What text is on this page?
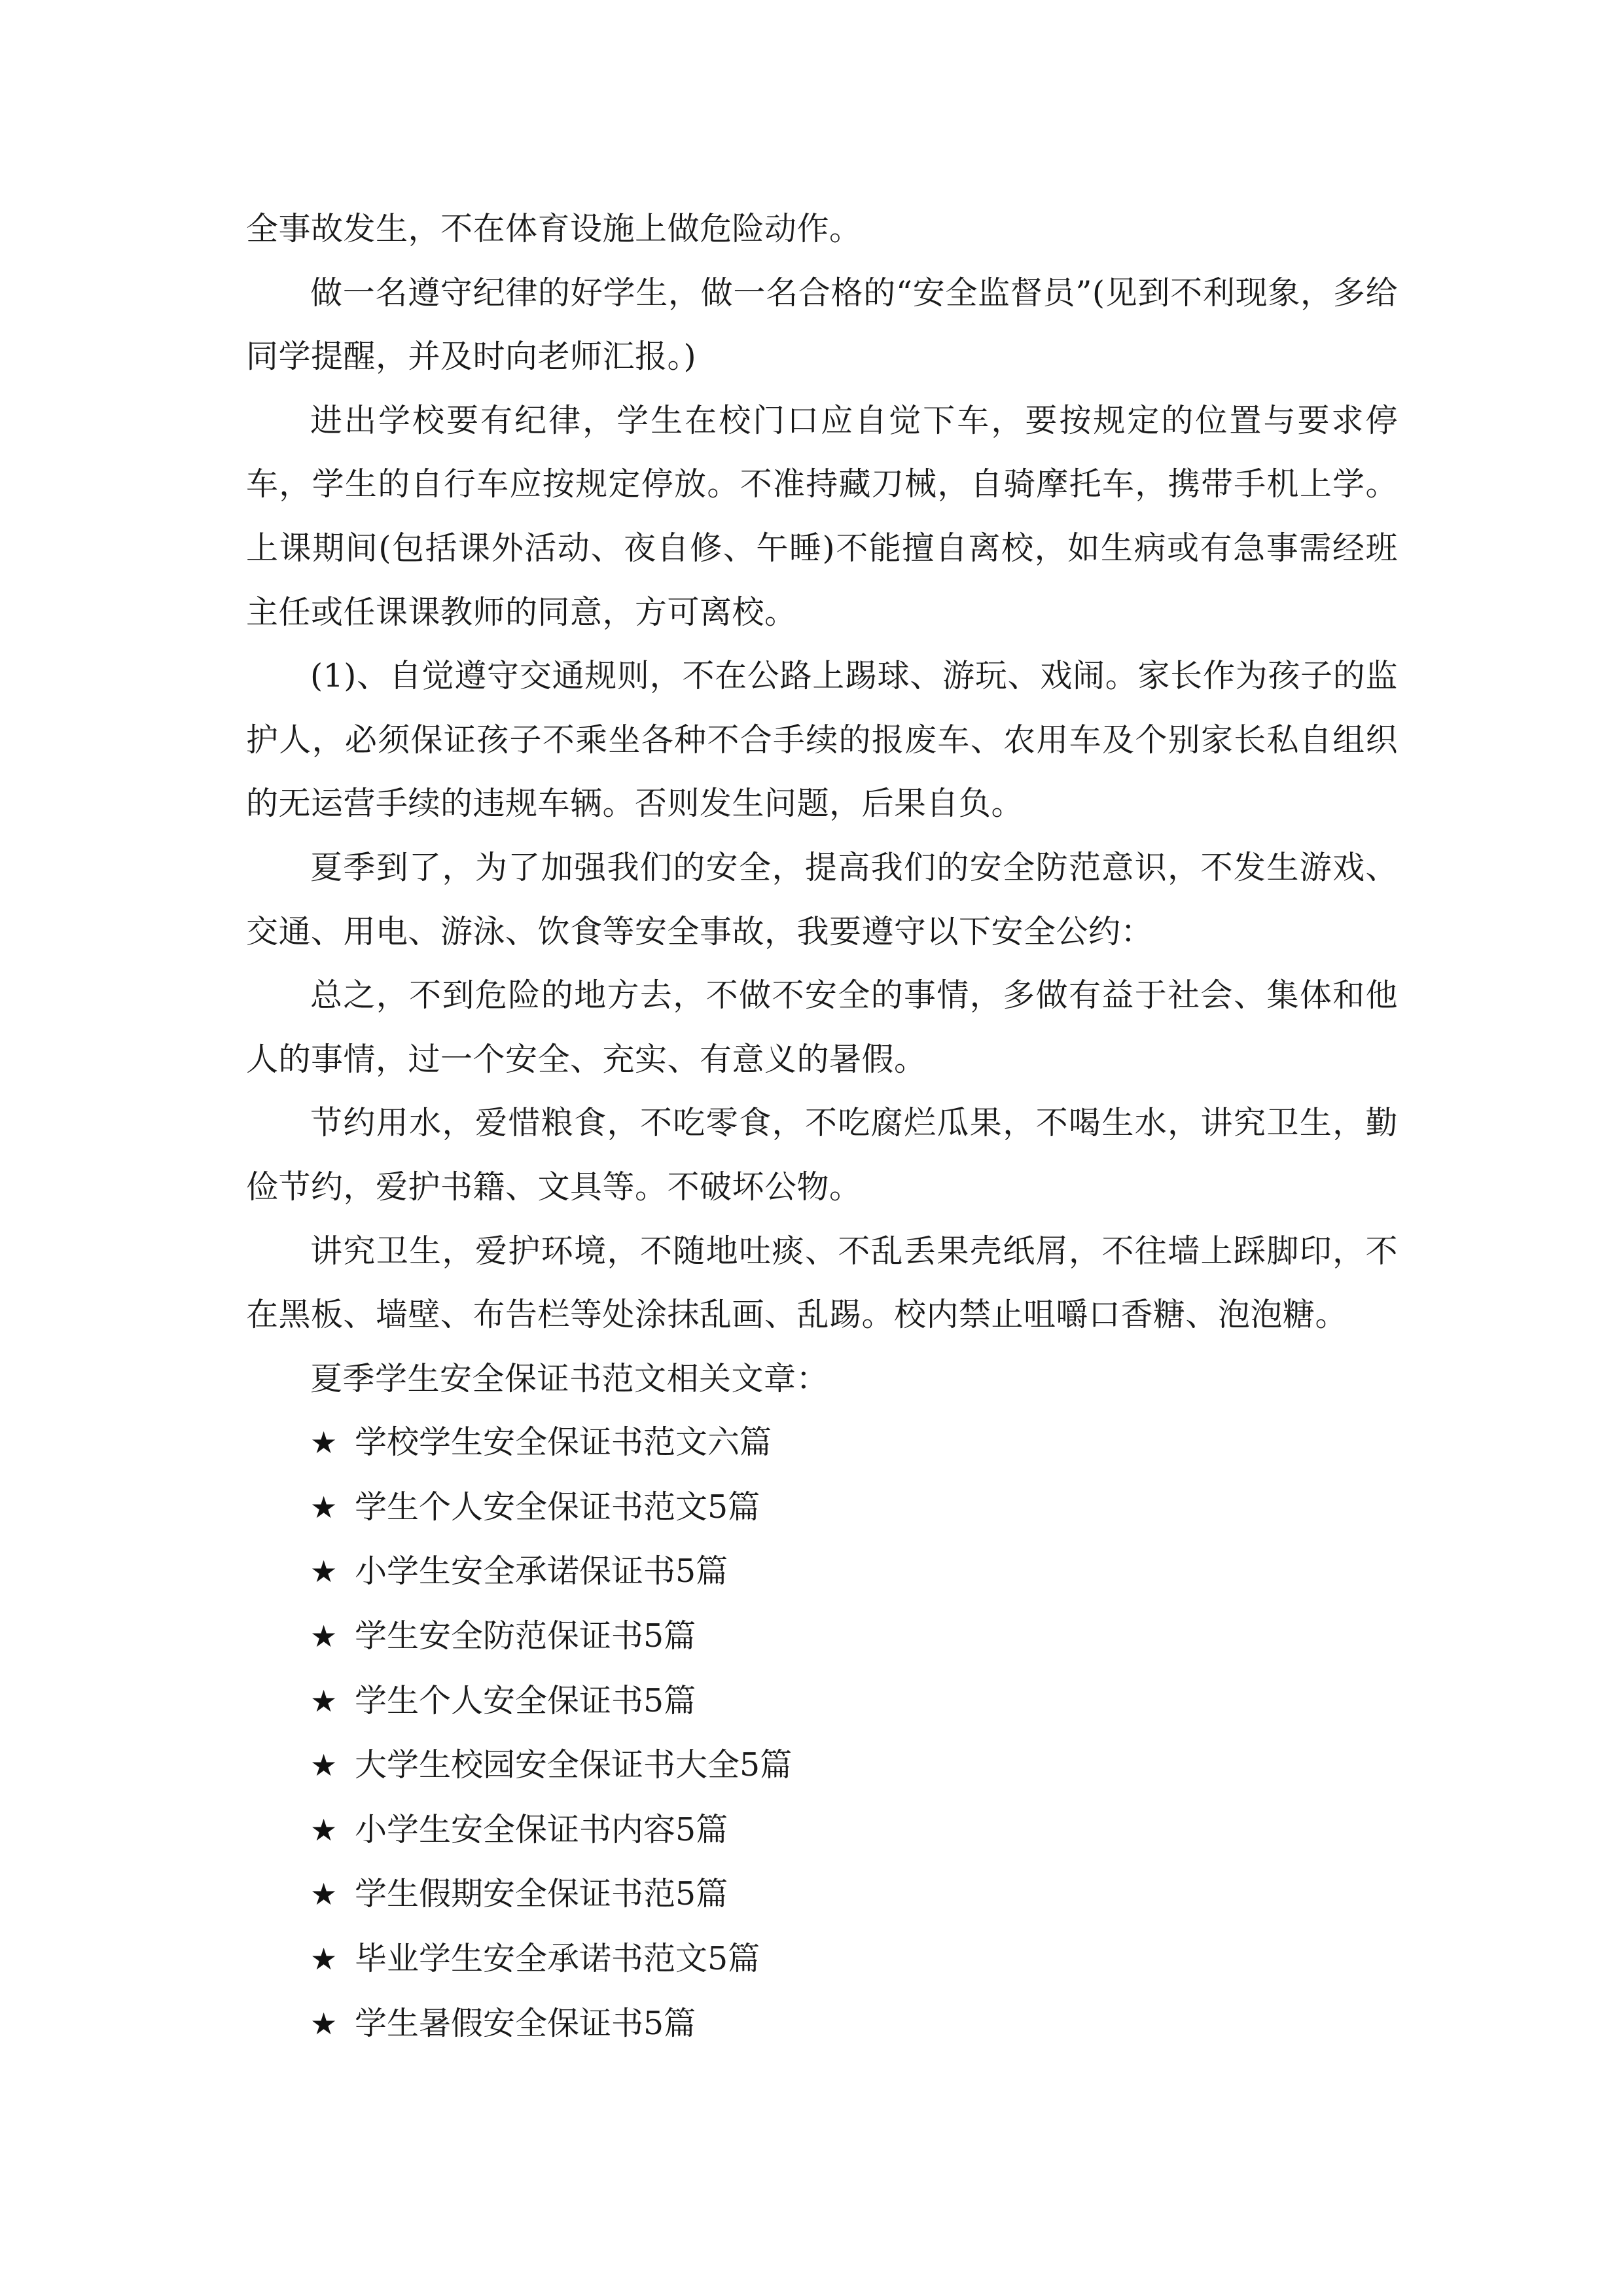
全事故发生，不在体育设施上做危险动作。

做一名遵守纪律的好学生，做一名合格的“安全监督员”(见到不利现象，多给同学提醒，并及时向老师汇报。)

进出学校要有纪律，学生在校门口应自觉下车，要按规定的位置与要求停车，学生的自行车应按规定停放。不准持藏刀械，自骑摩托车，携带手机上学。上课期间(包括课外活动、夜自修、午睡)不能擅自离校，如生病或有急事需经班主任或任课课教师的同意，方可离校。

(1)、自觉遵守交通规则，不在公路上踢球、游玩、戏闹。家长作为孩子的监护人，必须保证孩子不乘坐各种不合手续的报废车、农用车及个别家长私自组织的无运营手续的违规车辆。否则发生问题，后果自负。

夏季到了，为了加强我们的安全，提高我们的安全防范意识，不发生游戏、交通、用电、游泳、饮食等安全事故，我要遵守以下安全公约：

总之，不到危险的地方去，不做不安全的事情，多做有益于社会、集体和他人的事情，过一个安全、充实、有意义的暑假。

节约用水，爱惜粮食，不吃零食，不吃腐烂瓜果，不喝生水，讲究卫生，勤俭节约，爱护书籍、文具等。不破坏公物。

讲究卫生，爱护环境，不随地吐痰、不乱丢果壳纸屑，不往墙上踩脚印，不在黑板、墙壁、布告栏等处涂抹乱画、乱踢。校内禁止咀嚼口香糖、泡泡糖。

夏季学生安全保证书范文相关文章：

★ 学校学生安全保证书范文六篇
★ 学生个人安全保证书范文5篇
★ 小学生安全承诺保证书5篇
★ 学生安全防范保证书5篇
★ 学生个人安全保证书5篇
★ 大学生校园安全保证书大全5篇
★ 小学生安全保证书内容5篇
★ 学生假期安全保证书范5篇
★ 毕业学生安全承诺书范文5篇
★ 学生暑假安全保证书5篇
